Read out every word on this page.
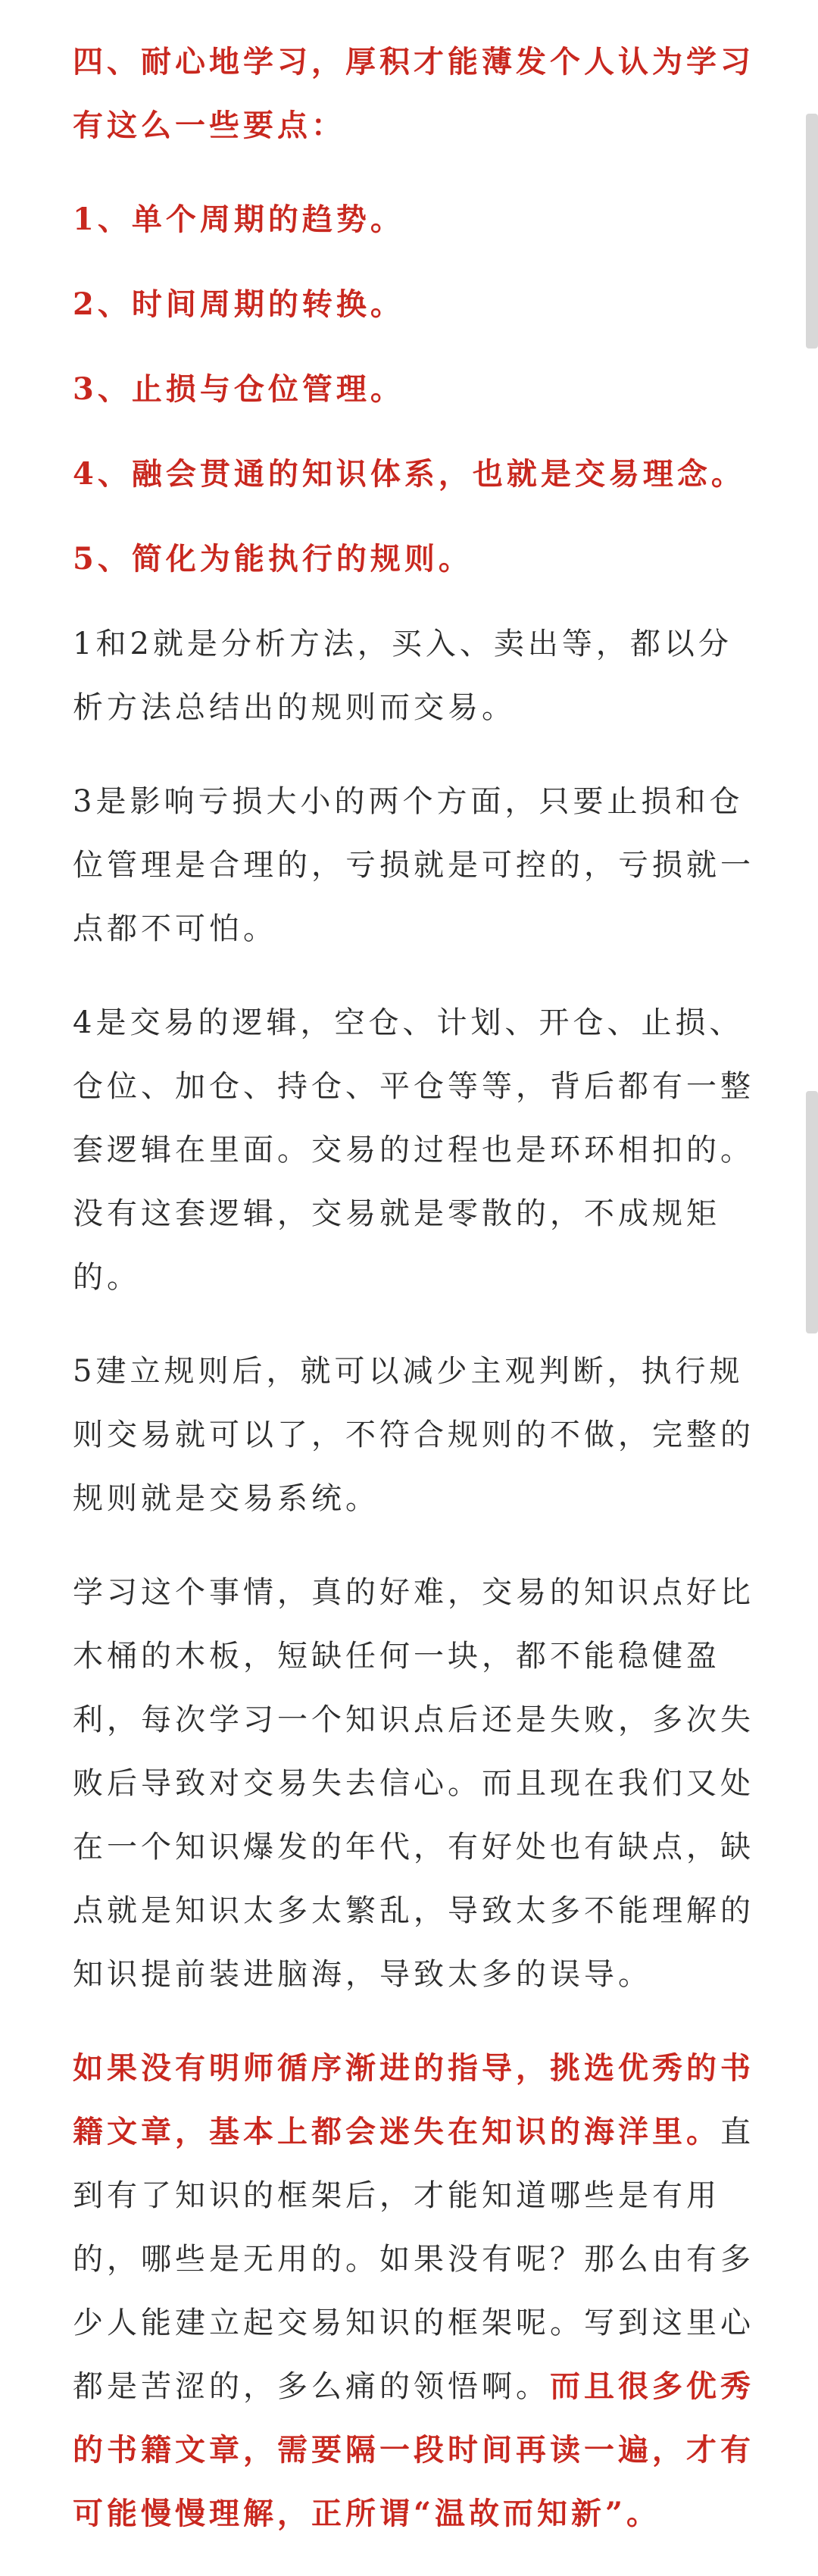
四、耐心地学习，厚积才能薄发个人认为学习有这么一些要点：

1、单个周期的趋势。

2、时间周期的转换。

3、止损与仓位管理。

4、融会贯通的知识体系，也就是交易理念。

5、简化为能执行的规则。

1和2就是分析方法，买入、卖出等，都以分析方法总结出的规则而交易。

3是影响亏损大小的两个方面，只要止损和仓位管理是合理的，亏损就是可控的，亏损就一点都不可怕。

4是交易的逻辑，空仓、计划、开仓、止损、仓位、加仓、持仓、平仓等等，背后都有一整套逻辑在里面。交易的过程也是环环相扣的。没有这套逻辑，交易就是零散的，不成规矩的。

5建立规则后，就可以减少主观判断，执行规则交易就可以了，不符合规则的不做，完整的规则就是交易系统。

学习这个事情，真的好难，交易的知识点好比木桶的木板，短缺任何一块，都不能稳健盈利，每次学习一个知识点后还是失败，多次失败后导致对交易失去信心。而且现在我们又处在一个知识爆发的年代，有好处也有缺点，缺点就是知识太多太繁乱，导致太多不能理解的知识提前装进脑海，导致太多的误导。

如果没有明师循序渐进的指导，挑选优秀的书籍文章，基本上都会迷失在知识的海洋里。直到有了知识的框架后，才能知道哪些是有用的，哪些是无用的。如果没有呢？那么由有多少人能建立起交易知识的框架呢。写到这里心都是苦涩的，多么痛的领悟啊。而且很多优秀的书籍文章，需要隔一段时间再读一遍，才有可能慢慢理解，正所谓“温故而知新”。
